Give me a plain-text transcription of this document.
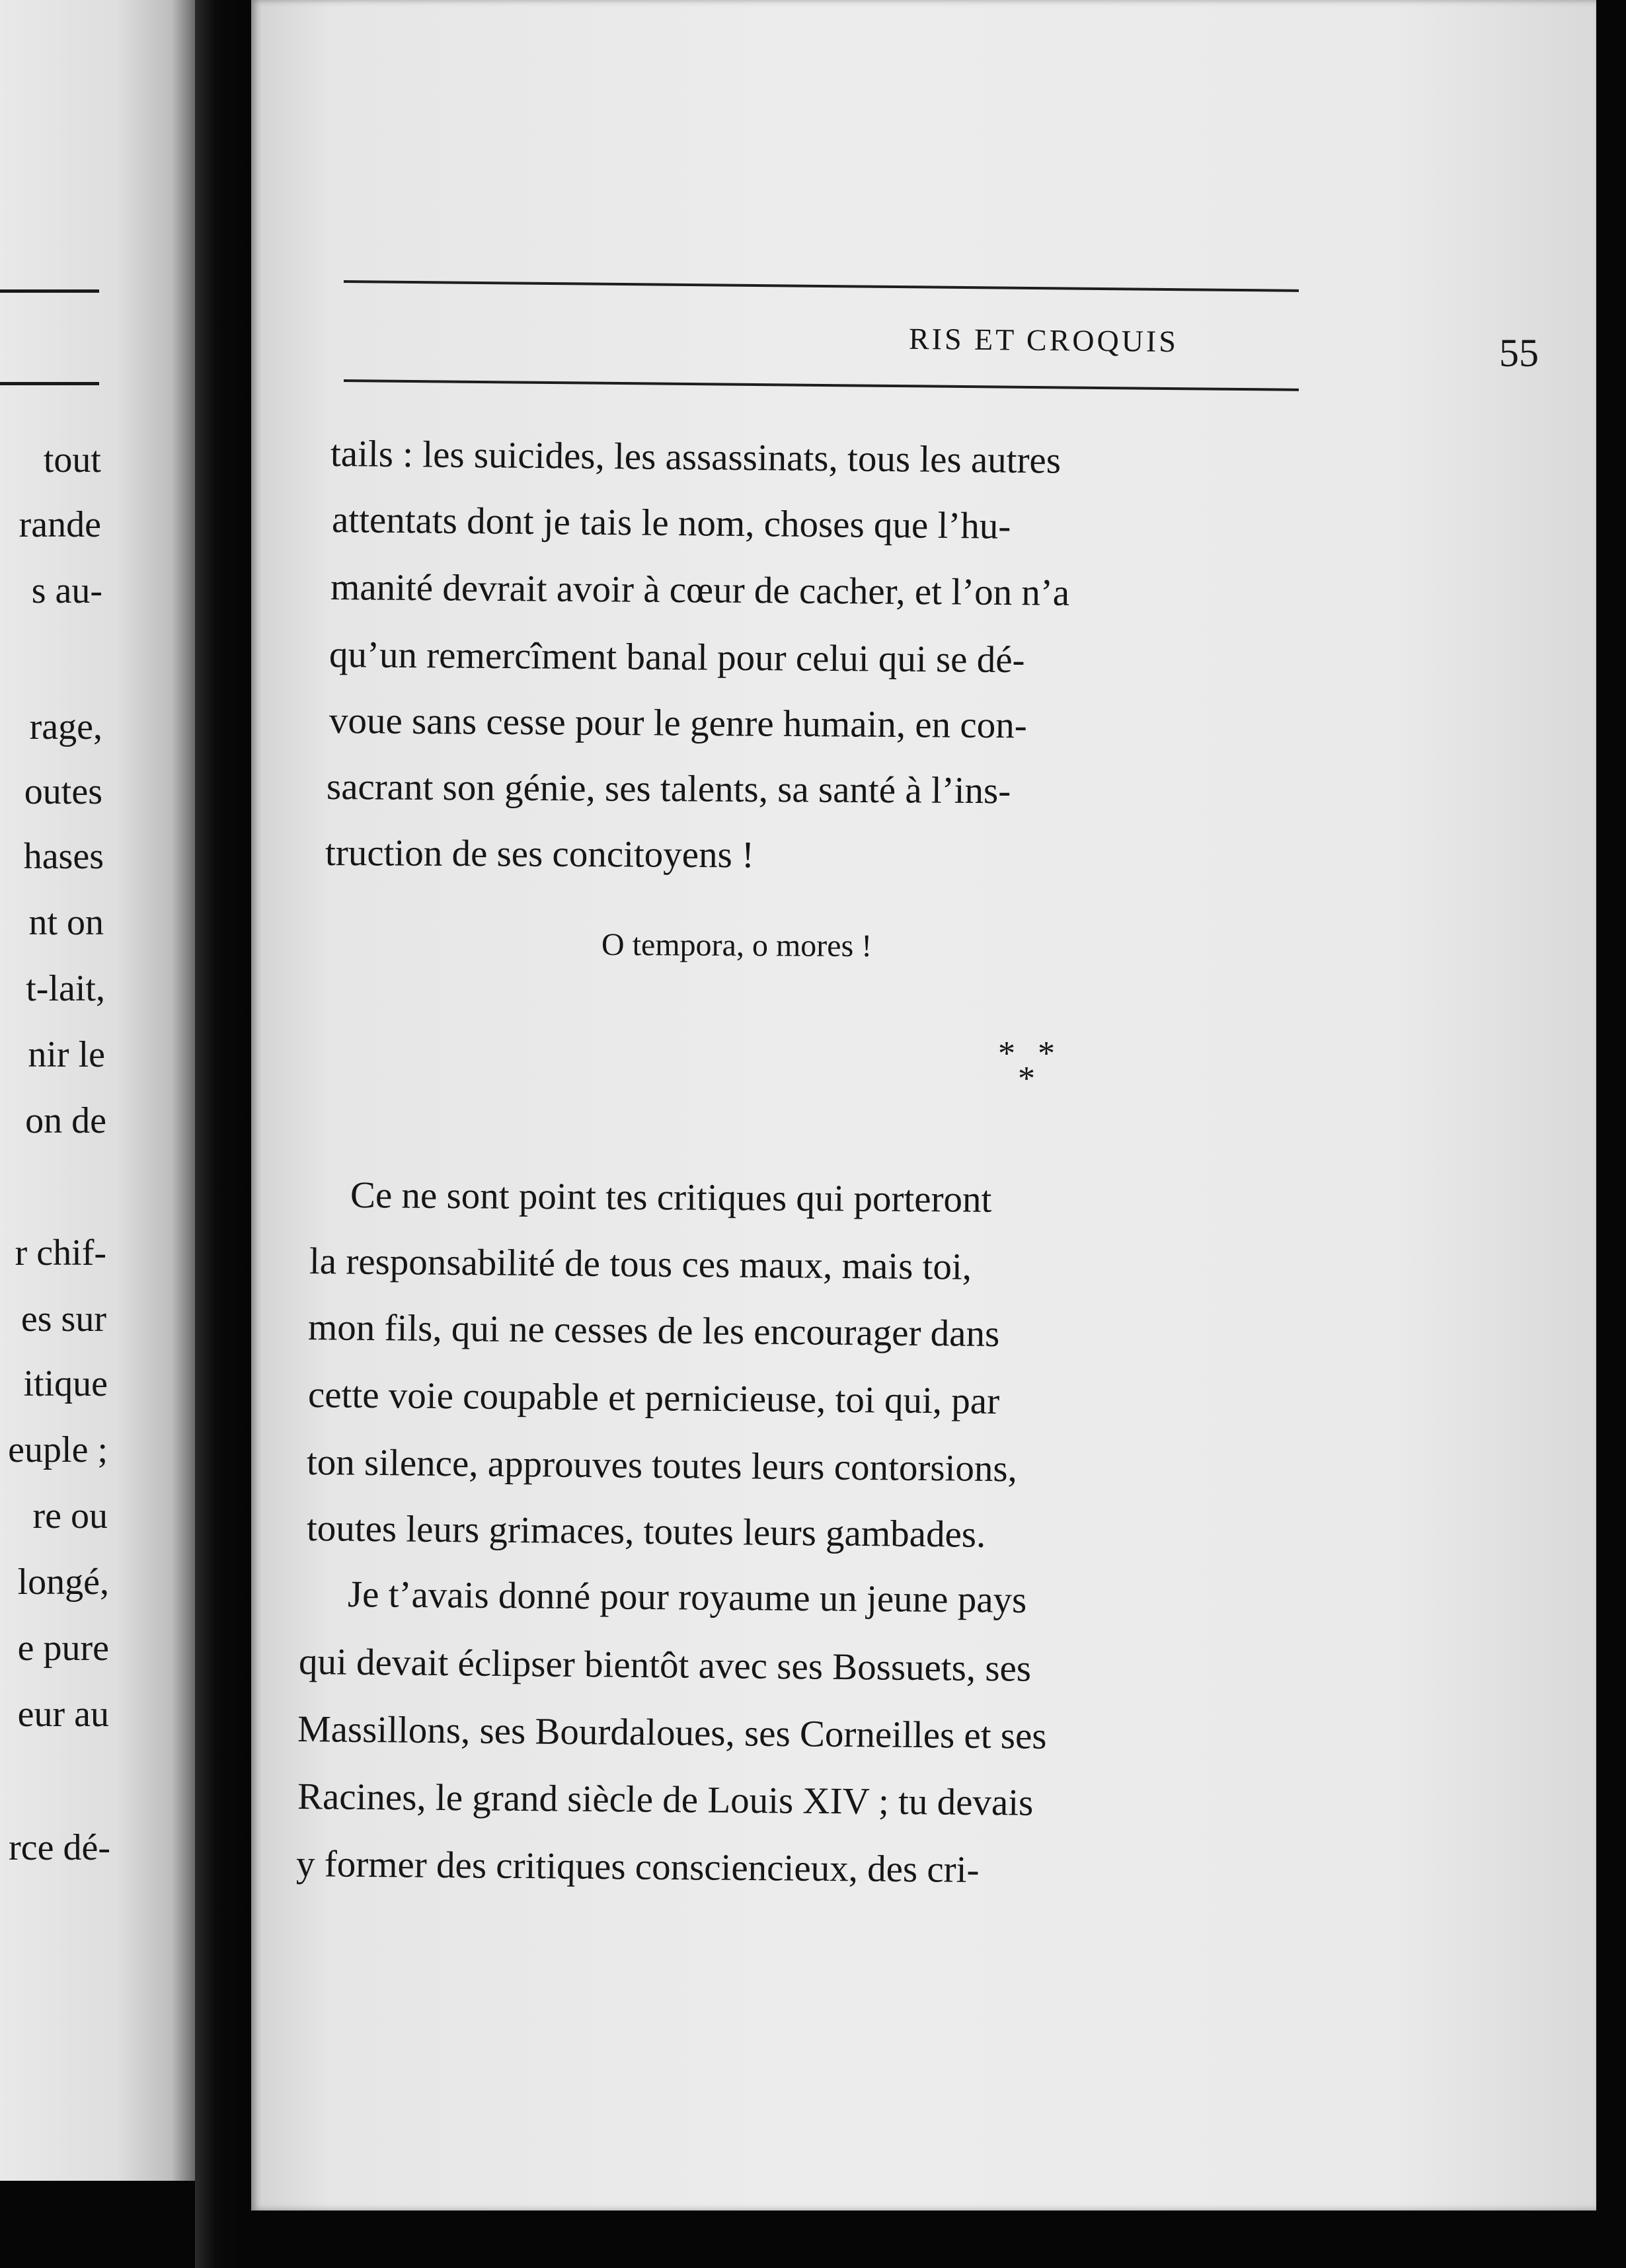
tout
rande
s au-
rage,
outes
hases
nt on
t-lait,
nir le
on de
r chif-
es sur
itique
euple ;
re ou
longé,
e pure
eur au
rce dé-
RIS ET CROQUIS	55
tails : les suicides, les assassinats, tous les autres
attentats dont je tais le nom, choses que l’hu-
manité devrait avoir à cœur de cacher, et l’on n’a
qu’un remercîment banal pour celui qui se dé-
voue sans cesse pour le genre humain, en con-
sacrant son génie, ses talents, sa santé à l’ins-
truction de ses concitoyens !
O tempora, o mores !
* *
*
Ce ne sont point tes critiques qui porteront
la responsabilité de tous ces maux, mais toi,
mon fils, qui ne cesses de les encourager dans
cette voie coupable et pernicieuse, toi qui, par
ton silence, approuves toutes leurs contorsions,
toutes leurs grimaces, toutes leurs gambades.
Je t’avais donné pour royaume un jeune pays
qui devait éclipser bientôt avec ses Bossuets, ses
Massillons, ses Bourdaloues, ses Corneilles et ses
Racines, le grand siècle de Louis XIV ; tu devais
y former des critiques consciencieux, des cri-
